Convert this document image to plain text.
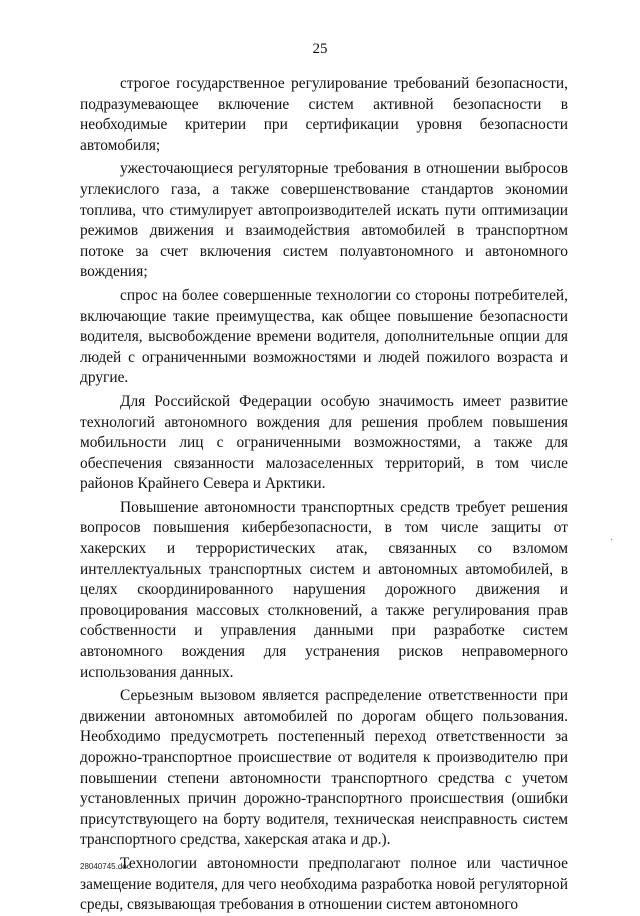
25

строгое государственное регулирование требований безопасности, подразумевающее включение систем активной безопасности в необходимые критерии при сертификации уровня безопасности автомобиля;

ужесточающиеся регуляторные требования в отношении выбросов углекислого газа, а также совершенствование стандартов экономии топлива, что стимулирует автопроизводителей искать пути оптимизации режимов движения и взаимодействия автомобилей в транспортном потоке за счет включения систем полуавтономного и автономного вождения;

спрос на более совершенные технологии со стороны потребителей, включающие такие преимущества, как общее повышение безопасности водителя, высвобождение времени водителя, дополнительные опции для людей с ограниченными возможностями и людей пожилого возраста и другие.

Для Российской Федерации особую значимость имеет развитие технологий автономного вождения для решения проблем повышения мобильности лиц с ограниченными возможностями, а также для обеспечения связанности малозаселенных территорий, в том числе районов Крайнего Севера и Арктики.

Повышение автономности транспортных средств требует решения вопросов повышения кибербезопасности, в том числе защиты от хакерских и террористических атак, связанных со взломом интеллектуальных транспортных систем и автономных автомобилей, в целях скоординированного нарушения дорожного движения и провоцирования массовых столкновений, а также регулирования прав собственности и управления данными при разработке систем автономного вождения для устранения рисков неправомерного использования данных.

Серьезным вызовом является распределение ответственности при движении автономных автомобилей по дорогам общего пользования. Необходимо предусмотреть постепенный переход ответственности за дорожно-транспортное происшествие от водителя к производителю при повышении степени автономности транспортного средства с учетом установленных причин дорожно-транспортного происшествия (ошибки присутствующего на борту водителя, техническая неисправность систем транспортного средства, хакерская атака и др.).

Технологии автономности предполагают полное или частичное замещение водителя, для чего необходима разработка новой регуляторной среды, связывающая требования в отношении систем автономного

·
28040745.doc
